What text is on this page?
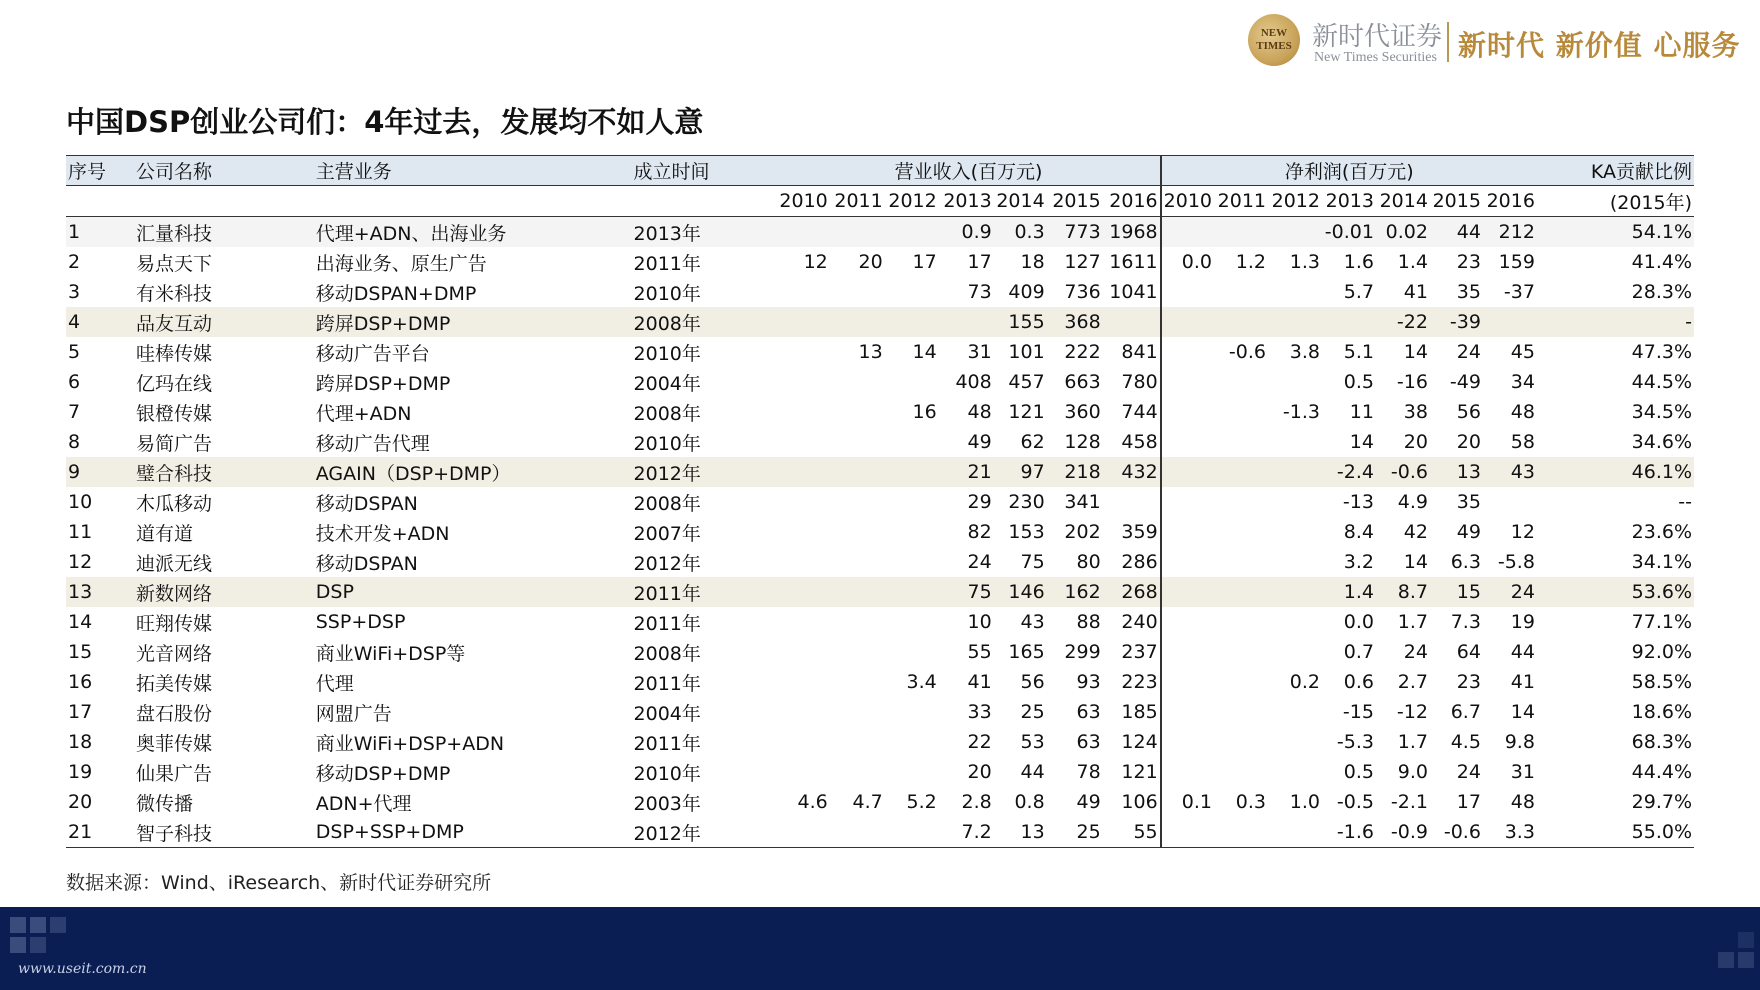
NEW TIMES 新时代证券
New Times Securities 新时代 新价值 心服务
中国DSP创业公司们：4年过去，发展均不如人意
序号	公司名称	主营业务	成立时间	营业收入(百万元)							净利润(百万元)							KA贡献比例
				2010	2011	2012	2013	2014	2015	2016	2010	2011	2012	2013	2014	2015	2016	(2015年)
1	汇量科技	代理+ADN、出海业务	2013年				0.9	0.3	773	1968				-0.01	0.02	44	212	54.1%
2	易点天下	出海业务、原生广告	2011年	12	20	17	17	18	127	1611	0.0	1.2	1.3	1.6	1.4	23	159	41.4%
3	有米科技	移动DSPAN+DMP	2010年				73	409	736	1041				5.7	41	35	-37	28.3%
4	品友互动	跨屏DSP+DMP	2008年					155	368						-22	-39		-
5	哇棒传媒	移动广告平台	2010年		13	14	31	101	222	841		-0.6	3.8	5.1	14	24	45	47.3%
6	亿玛在线	跨屏DSP+DMP	2004年				408	457	663	780				0.5	-16	-49	34	44.5%
7	银橙传媒	代理+ADN	2008年			16	48	121	360	744			-1.3	11	38	56	48	34.5%
8	易简广告	移动广告代理	2010年				49	62	128	458				14	20	20	58	34.6%
9	璧合科技	AGAIN（DSP+DMP）	2012年				21	97	218	432				-2.4	-0.6	13	43	46.1%
10	木瓜移动	移动DSPAN	2008年				29	230	341					-13	4.9	35		--
11	道有道	技术开发+ADN	2007年				82	153	202	359				8.4	42	49	12	23.6%
12	迪派无线	移动DSPAN	2012年				24	75	80	286				3.2	14	6.3	-5.8	34.1%
13	新数网络	DSP	2011年				75	146	162	268				1.4	8.7	15	24	53.6%
14	旺翔传媒	SSP+DSP	2011年				10	43	88	240				0.0	1.7	7.3	19	77.1%
15	光音网络	商业WiFi+DSP等	2008年				55	165	299	237				0.7	24	64	44	92.0%
16	拓美传媒	代理	2011年			3.4	41	56	93	223			0.2	0.6	2.7	23	41	58.5%
17	盘石股份	网盟广告	2004年				33	25	63	185				-15	-12	6.7	14	18.6%
18	奥菲传媒	商业WiFi+DSP+ADN	2011年				22	53	63	124				-5.3	1.7	4.5	9.8	68.3%
19	仙果广告	移动DSP+DMP	2010年				20	44	78	121				0.5	9.0	24	31	44.4%
20	微传播	ADN+代理	2003年	4.6	4.7	5.2	2.8	0.8	49	106	0.1	0.3	1.0	-0.5	-2.1	17	48	29.7%
21	智子科技	DSP+SSP+DMP	2012年				7.2	13	25	55				-1.6	-0.9	-0.6	3.3	55.0%
数据来源：Wind、iResearch、新时代证券研究所
www.useit.com.cn
